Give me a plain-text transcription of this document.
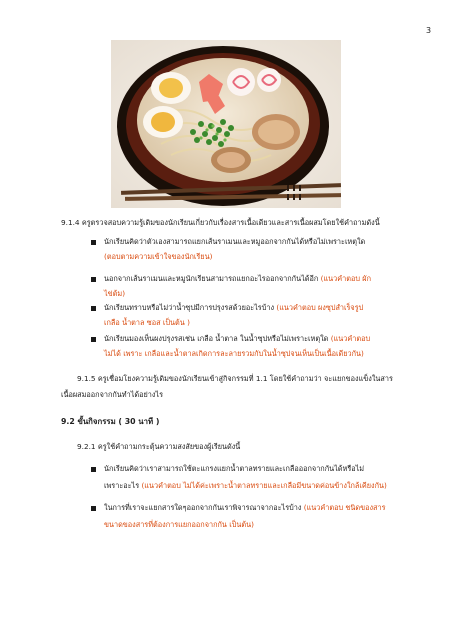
3
9.1.4 ครูตรวจสอบความรู้เดิมของนักเรียนเกี่ยวกับเรื่องสารเนื้อเดียวและสารเนื้อผสมโดยใช้คำถามดังนี้
นักเรียนคิดว่าตัวเองสามารถแยกเส้นราเมนและหมูออกจากกันได้หรือไม่เพราะเหตุใด
(ตอบตามความเข้าใจของนักเรียน)
นอกจากเส้นราเมนและหมูนักเรียนสามารถแยกอะไรออกจากกันได้อีก (แนวคำตอบ ผัก
ไข่ต้ม)
นักเรียนทราบหรือไม่ว่าน้ำซุปมีการปรุงรสด้วยอะไรบ้าง (แนวคำตอบ ผงซุปสำเร็จรูป
เกลือ น้ำตาล ซอส เป็นต้น )
นักเรียนมองเห็นผงปรุงรสเช่น เกลือ น้ำตาล ในน้ำซุปหรือไม่เพราะเหตุใด (แนวคำตอบ
ไม่ได้ เพราะ เกลือและน้ำตาลเกิดการละลายรวมกับในน้ำซุปจนเห็นเป็นเนื้อเดียวกัน)
9.1.5 ครูเชื่อมโยงความรู้เดิมของนักเรียนเข้าสู่กิจกรรมที่ 1.1 โดยใช้คำถามว่า จะแยกของแข็งในสาร
เนื้อผสมออกจากกันทำได้อย่างไร
9.2 ขั้นกิจกรรม ( 30 นาที )
9.2.1 ครูใช้คำถามกระตุ้นความสงสัยของผู้เรียนดังนี้
นักเรียนคิดว่าเราสามารถใช้ตะแกรงแยกน้ำตาลทรายและเกลือออกจากกันได้หรือไม่
เพราะอะไร (แนวคำตอบ ไม่ได้ค่ะเพราะน้ำตาลทรายและเกลือมีขนาดค่อนข้างใกล้เคียงกัน)
ในการที่เราจะแยกสารใดๆออกจากกันเราพิจารณาจากอะไรบ้าง (แนวคำตอบ ชนิดของสาร
ขนาดของสารที่ต้องการแยกออกจากกัน เป็นต้น)
